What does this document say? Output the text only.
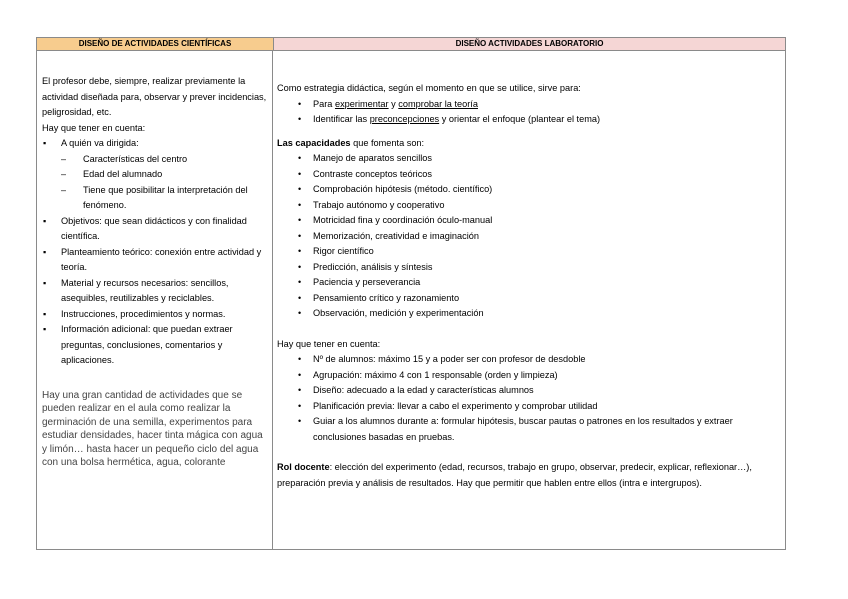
DISEÑO DE ACTIVIDADES CIENTÍFICAS	DISEÑO ACTIVIDADES LABORATORIO

El profesor debe, siempre, realizar previamente la actividad diseñada para, observar y prever incidencias, peligrosidad, etc.

Hay que tener en cuenta:

▪ A quién va dirigida:
– Características del centro
– Edad del alumnado
– Tiene que posibilitar la interpretación del fenómeno.
▪ Objetivos: que sean didácticos y con finalidad científica.
▪ Planteamiento teórico: conexión entre actividad y teoría.
▪ Material y recursos necesarios: sencillos, asequibles, reutilizables y reciclables.
▪ Instrucciones, procedimientos y normas.
▪ Información adicional: que puedan extraer preguntas, conclusiones, comentarios y aplicaciones.

Hay una gran cantidad de actividades que se pueden realizar en el aula como realizar la germinación de una semilla, experimentos para estudiar densidades, hacer tinta mágica con agua y limón… hasta hacer un pequeño ciclo del agua con una bolsa hermética, agua, colorante

Como estrategia didáctica, según el momento en que se utilice, sirve para:

• Para experimentar y comprobar la teoría
• Identificar las preconcepciones y orientar el enfoque (plantear el tema)

Las capacidades que fomenta son:

• Manejo de aparatos sencillos
• Contraste conceptos teóricos
• Comprobación hipótesis (método. científico)
• Trabajo autónomo y cooperativo
• Motricidad fina y coordinación óculo-manual
• Memorización, creatividad e imaginación
• Rigor científico
• Predicción, análisis y síntesis
• Paciencia y perseverancia
• Pensamiento crítico y razonamiento
• Observación, medición y experimentación

Hay que tener en cuenta:

• Nº de alumnos: máximo 15 y a poder ser con profesor de desdoble
• Agrupación: máximo 4 con 1 responsable (orden y limpieza)
• Diseño: adecuado a la edad y características alumnos
• Planificación previa: llevar a cabo el experimento y comprobar utilidad
• Guiar a los alumnos durante a: formular hipótesis, buscar pautas o patrones en los resultados y extraer conclusiones basadas en pruebas.

Rol docente: elección del experimento (edad, recursos, trabajo en grupo, observar, predecir, explicar, reflexionar…), preparación previa y análisis de resultados. Hay que permitir que hablen entre ellos (intra e intergrupos).
